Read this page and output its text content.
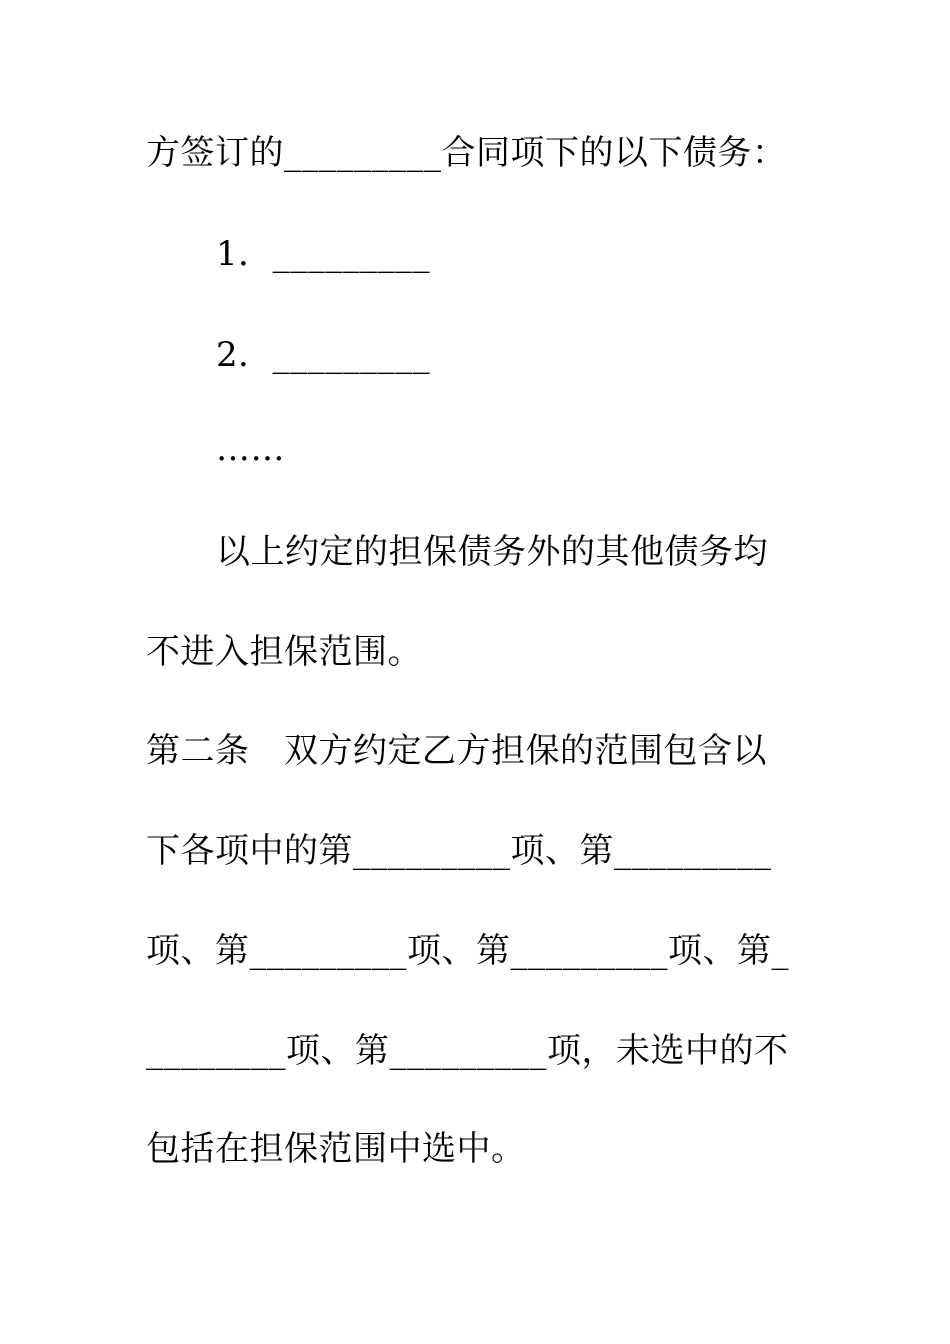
方签订的_________合同项下的以下债务：
1．_________
2．_________
……
以上约定的担保债务外的其他债务均
不进入担保范围。
第二条　双方约定乙方担保的范围包含以
下各项中的第_________项、第_________
项、第_________项、第_________项、第_
________项、第_________项，未选中的不
包括在担保范围中选中。
